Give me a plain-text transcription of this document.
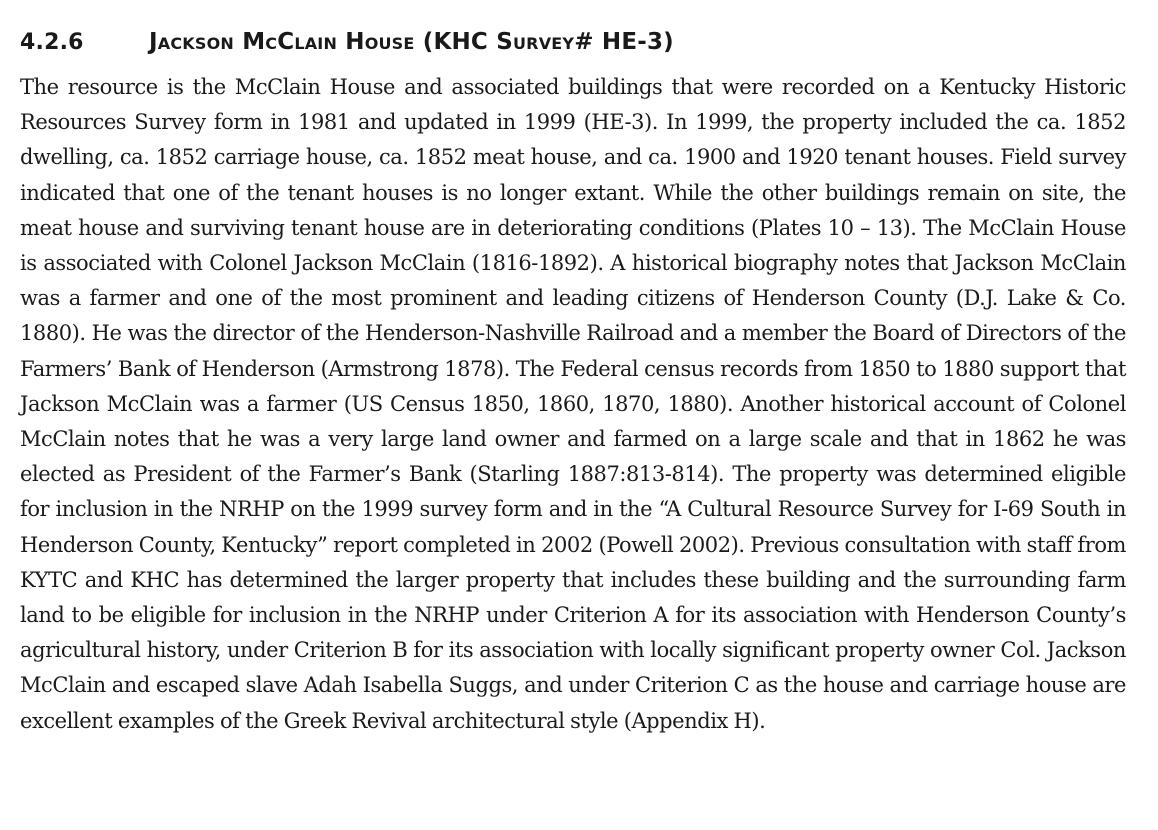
4.2.6	Jackson McClain House (KHC Survey# HE-3)

The resource is the McClain House and associated buildings that were recorded on a Kentucky Historic Resources Survey form in 1981 and updated in 1999 (HE-3). In 1999, the property included the ca. 1852 dwelling, ca. 1852 carriage house, ca. 1852 meat house, and ca. 1900 and 1920 tenant houses. Field survey indicated that one of the tenant houses is no longer extant. While the other buildings remain on site, the meat house and surviving tenant house are in deteriorating conditions (Plates 10 – 13). The McClain House is associated with Colonel Jackson McClain (1816-1892). A historical biography notes that Jackson McClain was a farmer and one of the most prominent and leading citizens of Henderson County (D.J. Lake & Co. 1880). He was the director of the Henderson-Nashville Railroad and a member the Board of Directors of the Farmers’ Bank of Henderson (Armstrong 1878). The Federal census records from 1850 to 1880 support that Jackson McClain was a farmer (US Census 1850, 1860, 1870, 1880). Another historical account of Colonel McClain notes that he was a very large land owner and farmed on a large scale and that in 1862 he was elected as President of the Farmer’s Bank (Starling 1887:813-814). The property was determined eligible for inclusion in the NRHP on the 1999 survey form and in the “A Cultural Resource Survey for I-69 South in Henderson County, Kentucky” report completed in 2002 (Powell 2002). Previous consultation with staff from KYTC and KHC has determined the larger property that includes these building and the surrounding farm land to be eligible for inclusion in the NRHP under Criterion A for its association with Henderson County’s agricultural history, under Criterion B for its association with locally significant property owner Col. Jackson McClain and escaped slave Adah Isabella Suggs, and under Criterion C as the house and carriage house are excellent examples of the Greek Revival architectural style (Appendix H).
